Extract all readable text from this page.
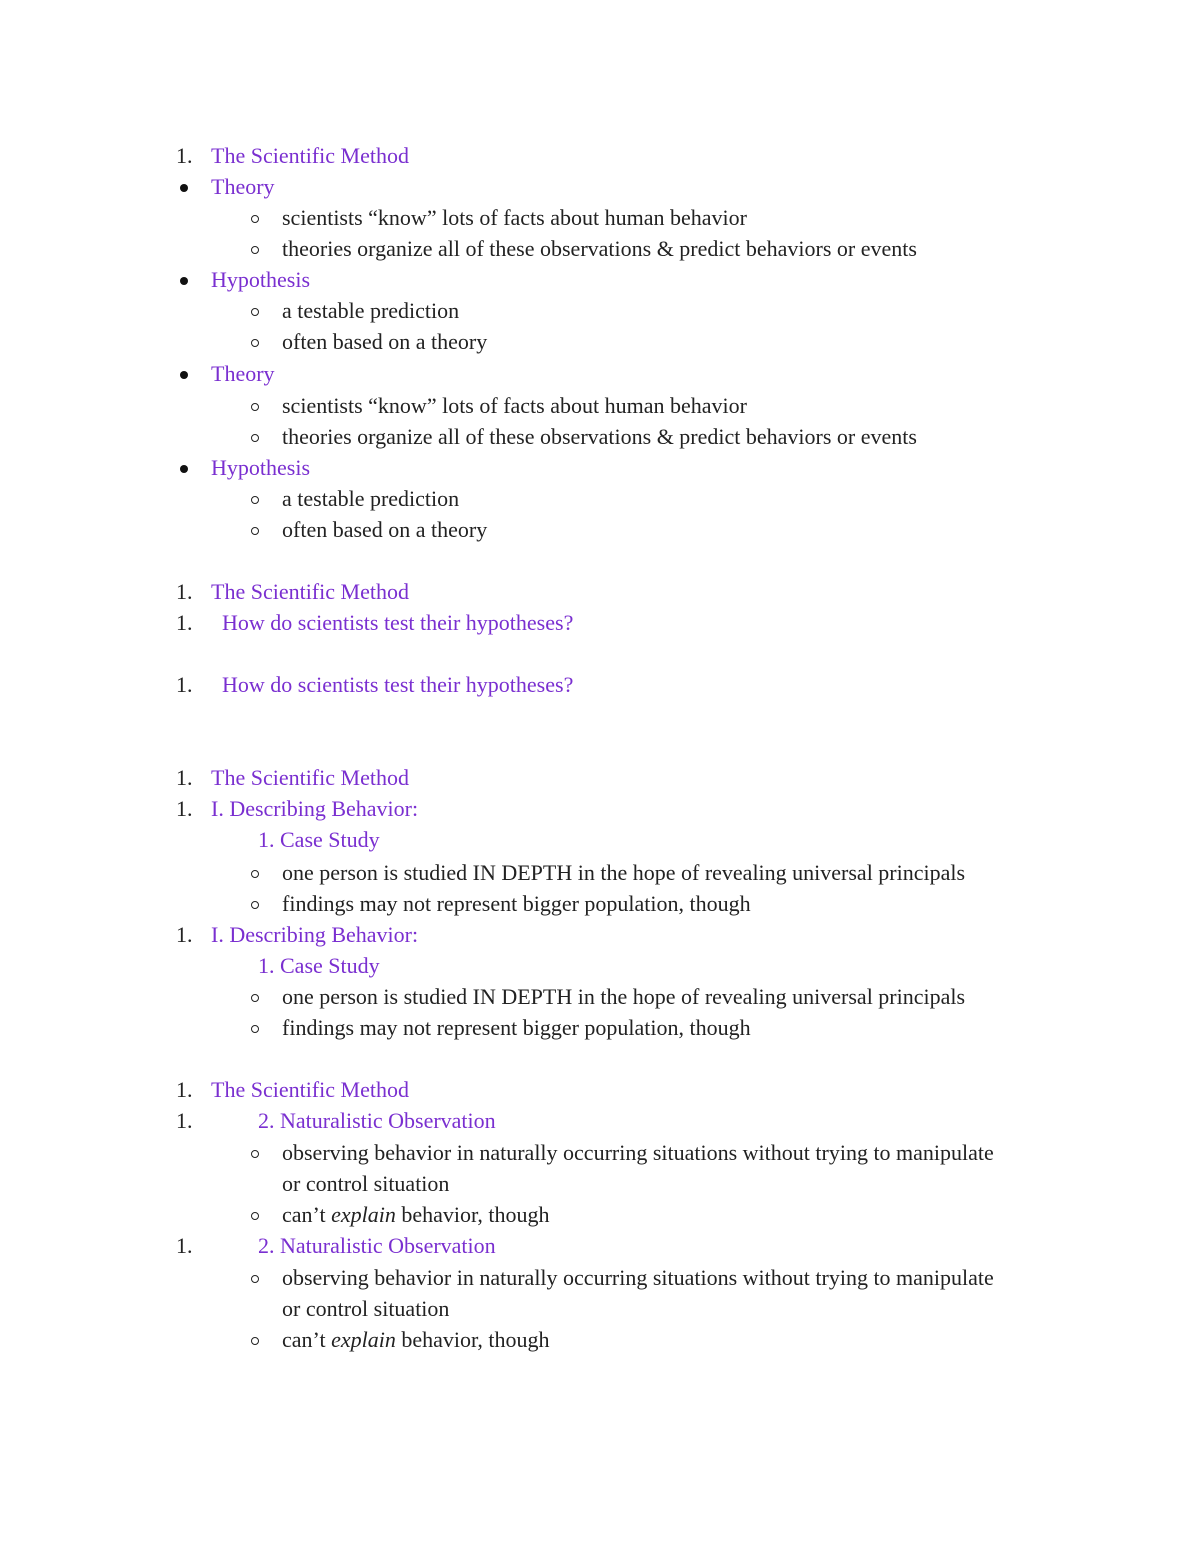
1. The Scientific Method
Theory
scientists “know” lots of facts about human behavior
theories organize all of these observations & predict behaviors or events
Hypothesis
a testable prediction
often based on a theory
Theory
scientists “know” lots of facts about human behavior
theories organize all of these observations & predict behaviors or events
Hypothesis
a testable prediction
often based on a theory
1. The Scientific Method
1. How do scientists test their hypotheses?
1. How do scientists test their hypotheses?
1. The Scientific Method
1. I. Describing Behavior:
1. Case Study
one person is studied IN DEPTH in the hope of revealing universal principals
findings may not represent bigger population, though
1. I. Describing Behavior:
1. Case Study
one person is studied IN DEPTH in the hope of revealing universal principals
findings may not represent bigger population, though
1. The Scientific Method
1.	2. Naturalistic Observation
observing behavior in naturally occurring situations without trying to manipulate
or control situation
can’t explain behavior, though
1.	2. Naturalistic Observation
observing behavior in naturally occurring situations without trying to manipulate
or control situation
can’t explain behavior, though
